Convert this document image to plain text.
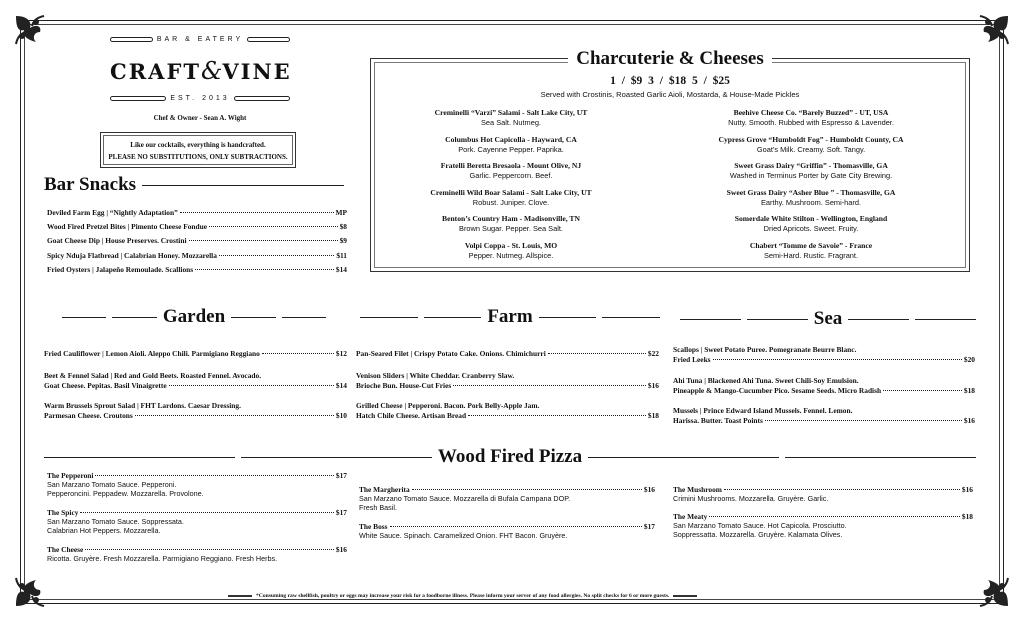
BAR & EATERY
CRAFT&VINE
EST. 2013
Chef & Owner - Sean A. Wight
Like our cocktails, everything is handcrafted.
PLEASE NO SUBSTITUTIONS, ONLY SUBTRACTIONS.
Bar Snacks
Deviled Farm Egg | “Nightly Adaptation”	MP
Wood Fired Pretzel Bites | Pimento Cheese Fondue	$8
Goat Cheese Dip | House Preserves. Crostini	$9
Spicy Nduja Flatbread | Calabrian Honey. Mozzarella	$11
Fried Oysters | Jalapeño Remoulade. Scallions	$14
1 / $9 3 / $18 5 / $25
Served with Crostinis, Roasted Garlic Aioli, Mostarda, & House-Made Pickles
Creminelli “Varzi” Salami - Salt Lake City, UT
Sea Salt. Nutmeg.
Columbus Hot Capicolla - Hayward, CA
Pork. Cayenne Pepper. Paprika.
Fratelli Beretta Bresaola - Mount Olive, NJ
Garlic. Peppercorn. Beef.
Creminelli Wild Boar Salami - Salt Lake City, UT
Robust. Juniper. Clove.
Benton’s Country Ham - Madisonville, TN
Brown Sugar. Pepper. Sea Salt.
Volpi Coppa - St. Louis, MO
Pepper. Nutmeg. Allspice.
Beehive Cheese Co. “Barely Buzzed” - UT, USA
Nutty. Smooth. Rubbed with Espresso & Lavender.
Cypress Grove “Humboldt Fog” - Humboldt County, CA
Goat’s Milk. Creamy. Soft. Tangy.
Sweet Grass Dairy “Griffin” - Thomasville, GA
Washed in Terminus Porter by Gate City Brewing.
Sweet Grass Dairy “Asher Blue ” - Thomasville, GA
Earthy. Mushroom. Semi-hard.
Somerdale White Stilton - Wellington, England
Dried Apricots. Sweet. Fruity.
Chabert “Tomme de Savoie” - France
Semi-Hard. Rustic. Fragrant.
Charcuterie & Cheeses
Garden	Farm	Sea
Fried Cauliflower | Lemon Aioli. Aleppo Chili. Parmigiano Reggiano	$12
Beet & Fennel Salad | Red and Gold Beets. Roasted Fennel. Avocado.
Goat Cheese. Pepitas. Basil Vinaigrette	$14
Warm Brussels Sprout Salad | FHT Lardons. Caesar Dressing.
Parmesan Cheese. Croutons	$10
Pan-Seared Filet | Crispy Potato Cake. Onions. Chimichurri	$22
Venison Sliders | White Cheddar. Cranberry Slaw.
Brioche Bun. House-Cut Fries	$16
Grilled Cheese | Pepperoni. Bacon. Pork Belly-Apple Jam.
Hatch Chile Cheese. Artisan Bread	$18
Scallops | Sweet Potato Puree. Pomegranate Beurre Blanc.
Fried Leeks	$20
Ahi Tuna | Blackened Ahi Tuna. Sweet Chili-Soy Emulsion.
Pineapple & Mango-Cucumber Pico. Sesame Seeds. Micro Radish	$18
Mussels | Prince Edward Island Mussels. Fennel. Lemon.
Harissa. Butter. Toast Points	$16
Wood Fired Pizza
The Pepperoni	$17
San Marzano Tomato Sauce. Pepperoni.
Pepperoncini. Peppadew. Mozzarella. Provolone.
The Spicy	$17
San Marzano Tomato Sauce. Soppressata.
Calabrian Hot Peppers. Mozzarella.
The Cheese	$16
Ricotta. Gruyère. Fresh Mozzarella. Parmigiano Reggiano. Fresh Herbs.
The Margherita	$16
San Marzano Tomato Sauce. Mozzarella di Bufala Campana DOP.
Fresh Basil.
The Boss	$17
White Sauce. Spinach. Caramelized Onion. FHT Bacon. Gruyère.
The Mushroom	$16
Crimini Mushrooms. Mozzarella. Gruyère. Garlic.
The Meaty	$18
San Marzano Tomato Sauce. Hot Capicola. Prosciutto.
Soppressatta. Mozzarella. Gruyère. Kalamata Olives.
*Consuming raw shellfish, poultry or eggs may increase your risk for a foodborne illness. Please inform your server of any food allergies. No split checks for 6 or more guests.
